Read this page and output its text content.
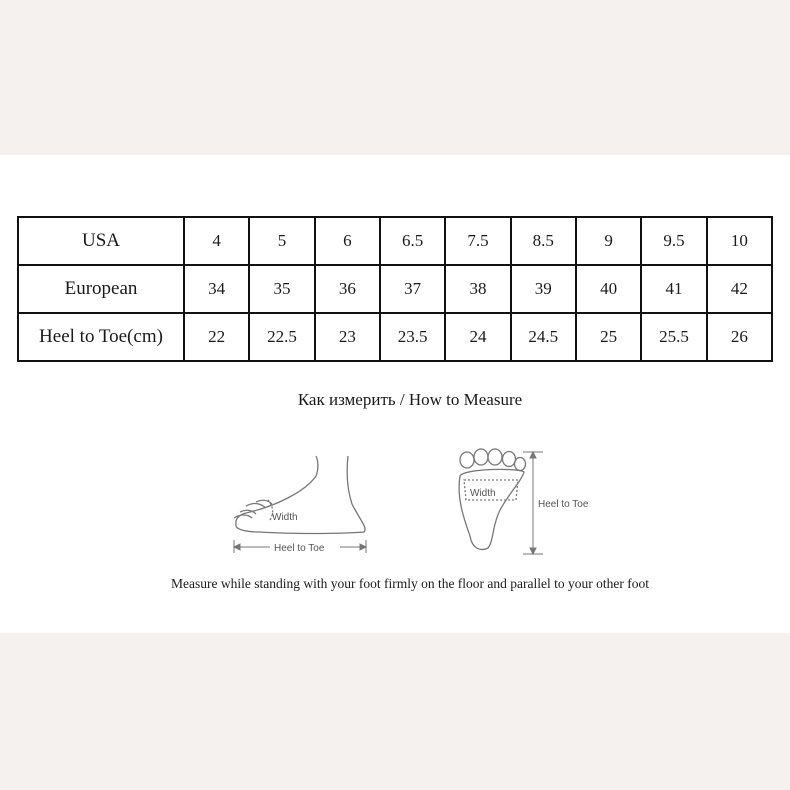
USA	4	5	6	6.5	7.5	8.5	9	9.5	10
European	34	35	36	37	38	39	40	41	42
Heel to Toe(cm)	22	22.5	23	23.5	24	24.5	25	25.5	26
Как измерить / How to Measure
Width
Heel to Toe
Width
Heel to Toe
Measure while standing with your foot firmly on the floor and parallel to your other foot
